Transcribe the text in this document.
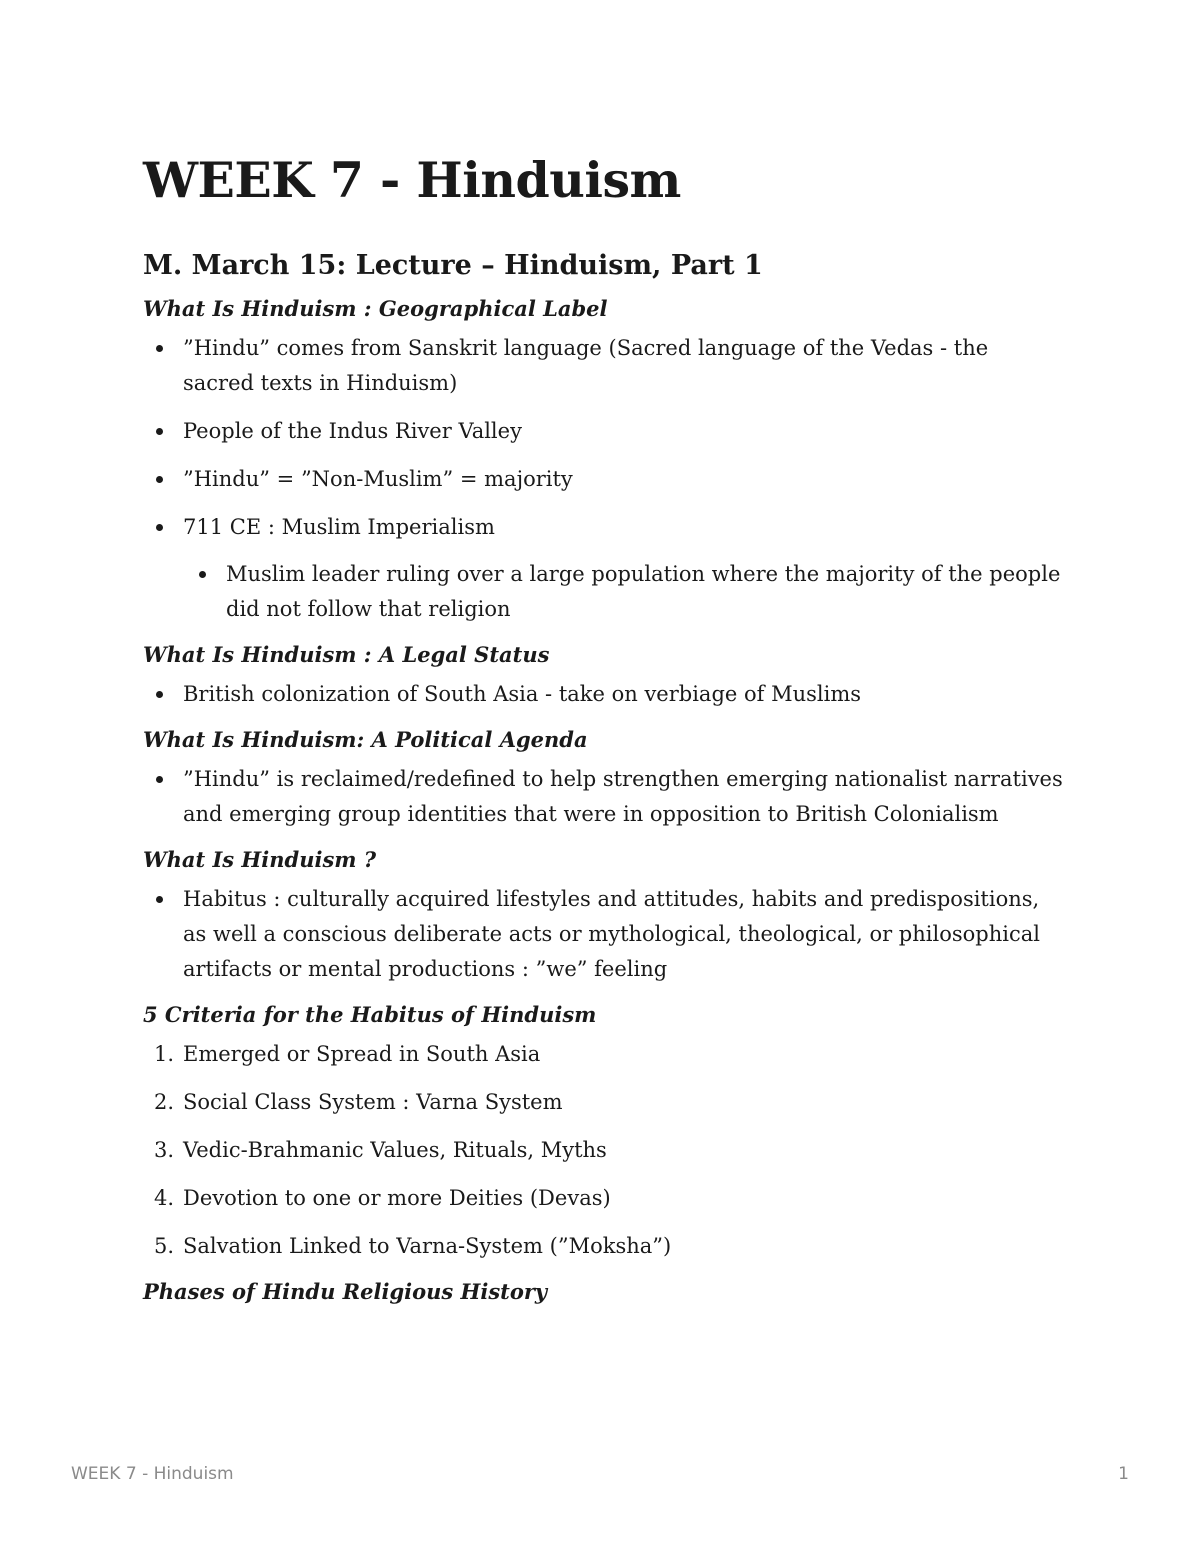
WEEK 7 - Hinduism
M. March 15: Lecture – Hinduism, Part 1
What Is Hinduism : Geographical Label
”Hindu” comes from Sanskrit language (Sacred language of the Vedas - the sacred texts in Hinduism)
People of the Indus River Valley
”Hindu” = ”Non-Muslim” = majority
711 CE : Muslim Imperialism
Muslim leader ruling over a large population where the majority of the people did not follow that religion
What Is Hinduism : A Legal Status
British colonization of South Asia - take on verbiage of Muslims
What Is Hinduism: A Political Agenda
”Hindu” is reclaimed/redefined to help strengthen emerging nationalist narratives and emerging group identities that were in opposition to British Colonialism
What Is Hinduism ?
Habitus : culturally acquired lifestyles and attitudes, habits and predispositions, as well a conscious deliberate acts or mythological, theological, or philosophical artifacts or mental productions : ”we” feeling
5 Criteria for the Habitus of Hinduism
1. Emerged or Spread in South Asia
2. Social Class System : Varna System
3. Vedic-Brahmanic Values, Rituals, Myths
4. Devotion to one or more Deities (Devas)
5. Salvation Linked to Varna-System (”Moksha”)
Phases of Hindu Religious History
WEEK 7 - Hinduism	1
